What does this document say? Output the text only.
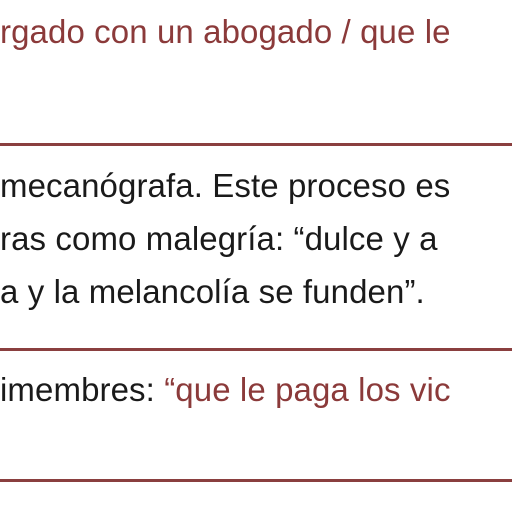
rgado con un abogado / que le
mecanógrafa. Este proceso es
ras como malegría: “dulce y a
a y la melancolía se funden”.
imembres: “que le paga los vic
